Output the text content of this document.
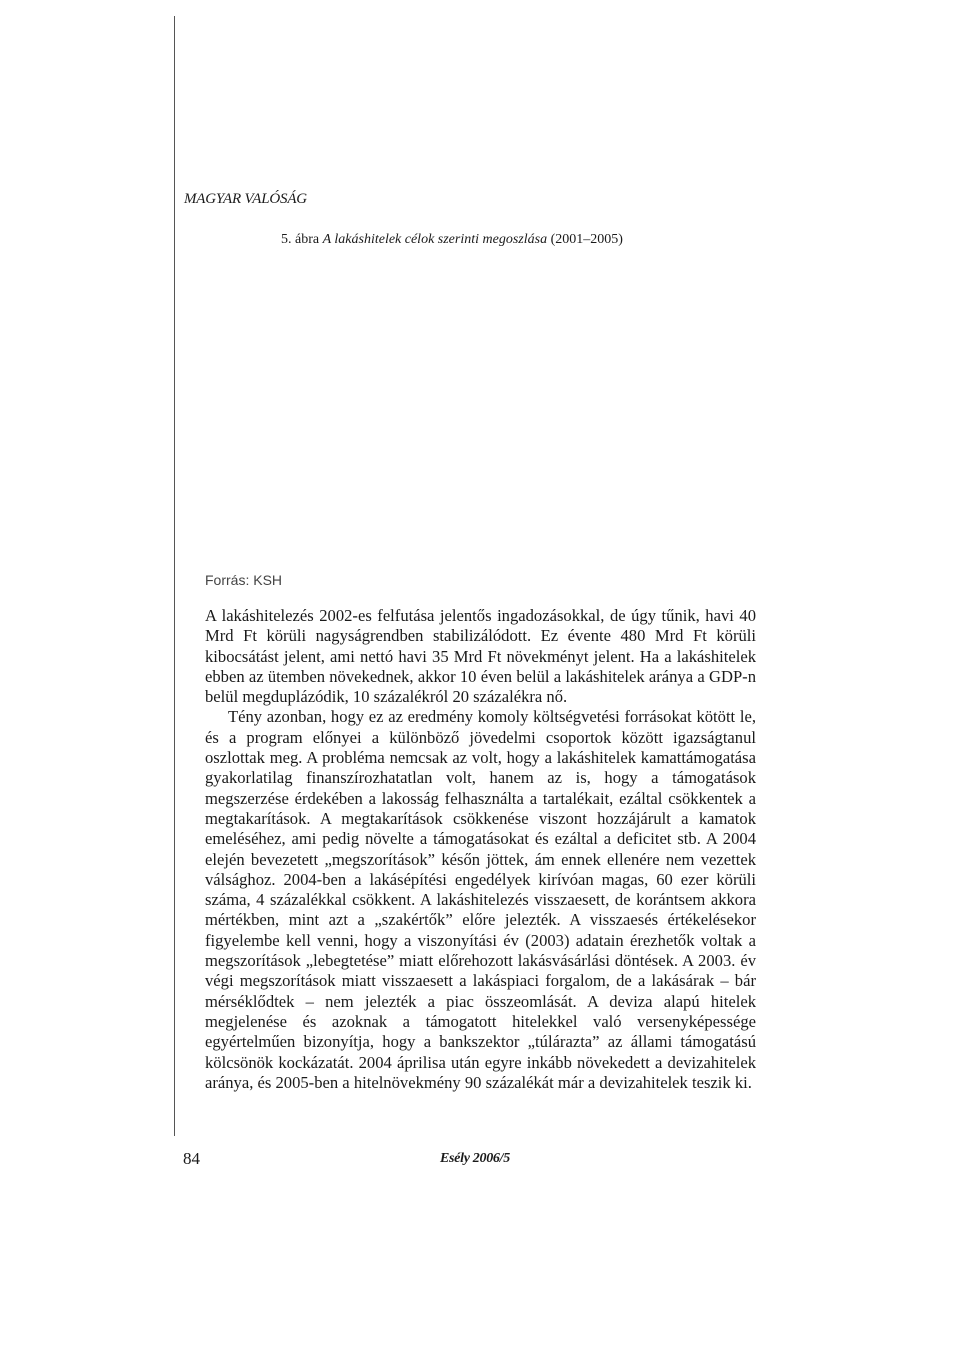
MAGYAR VALÓSÁG
5. ábra A lakáshitelek célok szerinti megoszlása (2001–2005)
Forrás: KSH

A lakáshitelezés 2002-es felfutása jelentős ingadozásokkal, de úgy tűnik, havi 40 Mrd Ft körüli nagyságrendben stabilizálódott. Ez évente 480 Mrd Ft körüli kibocsátást jelent, ami nettó havi 35 Mrd Ft növekményt jelent. Ha a lakáshitelek ebben az ütemben növekednek, akkor 10 éven belül a lakáshitelek aránya a GDP-n belül megduplázódik, 10 százalékról 20 százalékra nő.

Tény azonban, hogy ez az eredmény komoly költségvetési forrásokat kötött le, és a program előnyei a különböző jövedelmi csoportok között igazságtanul oszlottak meg. A probléma nemcsak az volt, hogy a lakáshitelek kamattámogatása gyakorlatilag finanszírozhatatlan volt, hanem az is, hogy a támogatások megszerzése érdekében a lakosság felhasználta a tartalékait, ezáltal csökkentek a megtakarítások. A megtakarítások csökkenése viszont hozzájárult a kamatok emeléséhez, ami pedig növelte a támogatásokat és ezáltal a deficitet stb. A 2004 elején bevezetett „megszorítások” későn jöttek, ám ennek ellenére nem vezettek válsághoz. 2004-ben a lakásépítési engedélyek kirívóan magas, 60 ezer körüli száma, 4 százalékkal csökkent. A lakáshitelezés visszaesett, de korántsem akkora mértékben, mint azt a „szakértők” előre jelezték. A visszaesés értékelésekor figyelembe kell venni, hogy a viszonyítási év (2003) adatain érezhetők voltak a megszorítások „lebegtetése” miatt előrehozott lakásvásárlási döntések. A 2003. év végi megszorítások miatt visszaesett a lakáspiaci forgalom, de a lakásárak – bár mérséklődtek – nem jelezték a piac összeomlását. A deviza alapú hitelek megjelenése és azoknak a támogatott hitelekkel való versenyképessége egyértelműen bizonyítja, hogy a bankszektor „túlárazta” az állami támogatású kölcsönök kockázatát. 2004 áprilisa után egyre inkább növekedett a devizahitelek aránya, és 2005-ben a hitelnövekmény 90 százalékát már a devizahitelek teszik ki.

84	Esély 2006/5
